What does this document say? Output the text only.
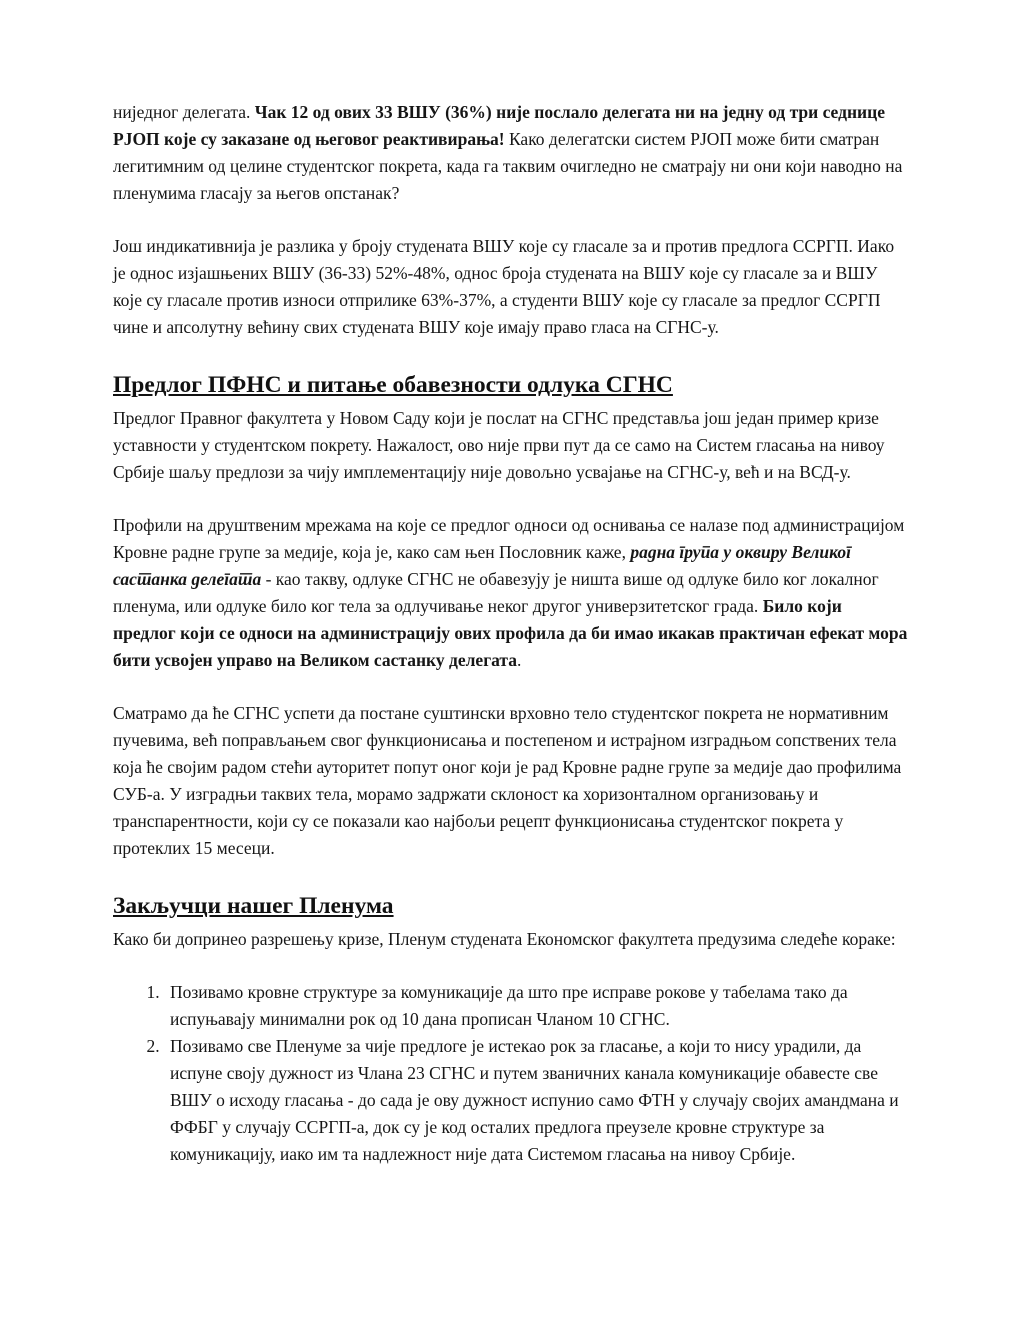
ниједног делегата. Чак 12 од ових 33 ВШУ (36%) није послало делегата ни на једну од три седнице РЈОП које су заказане од његовог реактивирања! Како делегатски систем РЈОП може бити сматран легитимним од целине студентског покрета, када га таквим очигледно не сматрају ни они који наводно на пленумима гласају за његов опстанак?

Још индикативнија је разлика у броју студената ВШУ које су гласале за и против предлога ССРГП. Иако је однос изјашњених ВШУ (36-33) 52%-48%, однос броја студената на ВШУ које су гласале за и ВШУ које су гласале против износи отприлике 63%-37%, а студенти ВШУ које су гласале за предлог ССРГП чине и апсолутну већину свих студената ВШУ које имају право гласа на СГНС-у.

Предлог ПФНС и питање обавезности одлука СГНС

Предлог Правног факултета у Новом Саду који је послат на СГНС представља још један пример кризе уставности у студентском покрету. Нажалост, ово није први пут да се само на Систем гласања на нивоу Србије шаљу предлози за чију имплементацију није довољно усвајање на СГНС-у, већ и на ВСД-у.

Профили на друштвеним мрежама на које се предлог односи од оснивања се налазе под администрацијом Кровне радне групе за медије, која је, како сам њен Пословник каже, радна група у оквиру Великог састанка делегата - као такву, одлуке СГНС не обавезују је ништа више од одлуке било ког локалног пленума, или одлуке било ког тела за одлучивање неког другог универзитетског града. Било који предлог који се односи на администрацију ових профила да би имао икакав практичан ефекат мора бити усвојен управо на Великом састанку делегата.

Сматрамо да ће СГНС успети да постане суштински врховно тело студентског покрета не нормативним пучевима, већ поправљањем свог функционисања и постепеном и истрајном изградњом сопствених тела која ће својим радом стећи ауторитет попут оног који је рад Кровне радне групе за медије дао профилима СУБ-а. У изградњи таквих тела, морамо задржати склоност ка хоризонталном организовању и транспарентности, који су се показали као најбољи рецепт функционисања студентског покрета у протеклих 15 месеци.

Закључци нашег Пленума

Како би допринео разрешењу кризе, Пленум студената Економског факултета предузима следеће кораке:

1. Позивамо кровне структуре за комуникације да што пре исправе рокове у табелама тако да испуњавају минимални рок од 10 дана прописан Чланом 10 СГНС.
2. Позивамо све Пленуме за чије предлоге је истекао рок за гласање, а који то нису урадили, да испуне своју дужност из Члана 23 СГНС и путем званичних канала комуникације обавесте све ВШУ о исходу гласања - до сада је ову дужност испунио само ФТН у случају својих амандмана и ФФБГ у случају ССРГП-а, док су је код осталих предлога преузеле кровне структуре за комуникацију, иако им та надлежност није дата Системом гласања на нивоу Србије.
